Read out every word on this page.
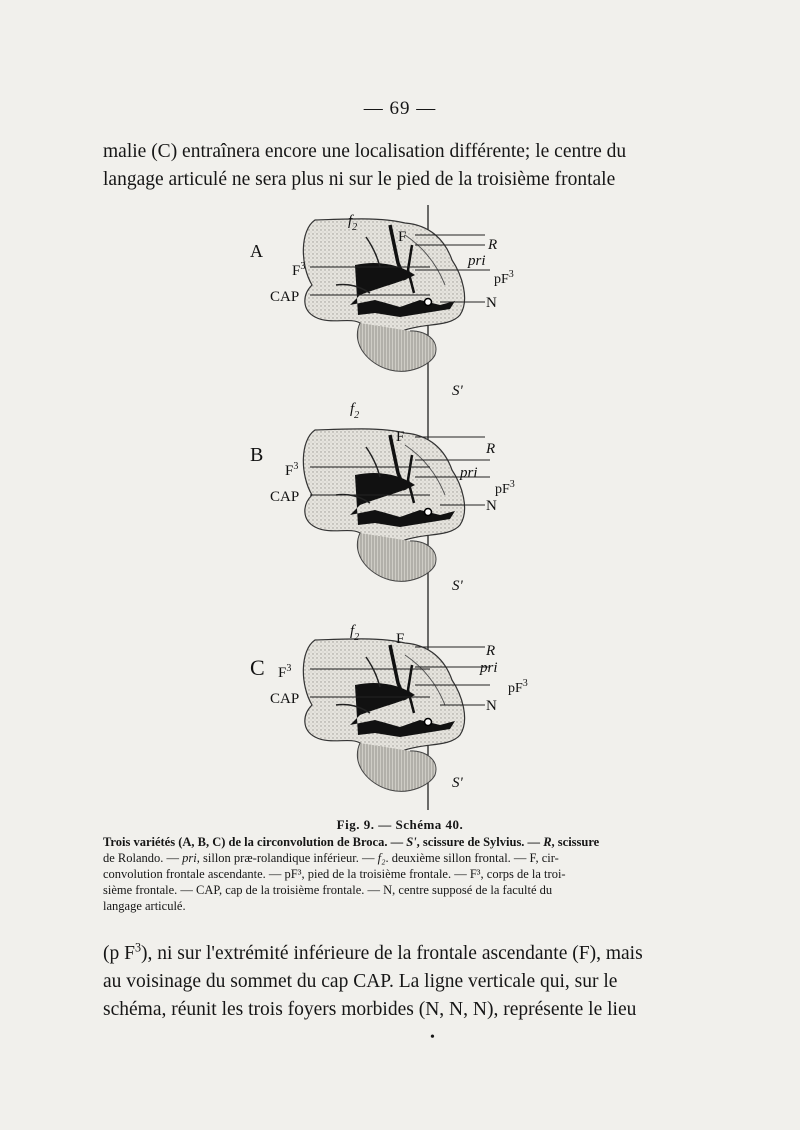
— 69 —

malie (C) entraînera encore une localisation différente; le centre du
langage articulé ne sera plus ni sur le pied de la troisième frontale

A
B
C
$F^3$
CAP
$f_2$
F	R
pri
$pF^3$
N
S'
$F^3$
CAP
$f_2$
F
R
pri
$pF^3$
N
S'
$F^3$
CAP
$f_2$ F
R
pri
$pF^3$
N
S'
Fig. 9. — Schéma 40.
Trois variétés (A, B, C) de la circonvolution de Broca. — S', scissure de Sylvius. — R, scissure
de Rolando. — pri, sillon præ-rolandique inférieur. — f₂. deuxième sillon frontal. — F, cir-
convolution frontale ascendante. — pF³, pied de la troisième frontale. — F³, corps de la troi-
sième frontale. — CAP, cap de la troisième frontale. — N, centre supposé de la faculté du
langage articulé.

(p $F^3$), ni sur l'extrémité inférieure de la frontale ascendante (F), mais
au voisinage du sommet du cap CAP. La ligne verticale qui, sur le
schéma, réunit les trois foyers morbides (N, N, N), représente le lieu

•
